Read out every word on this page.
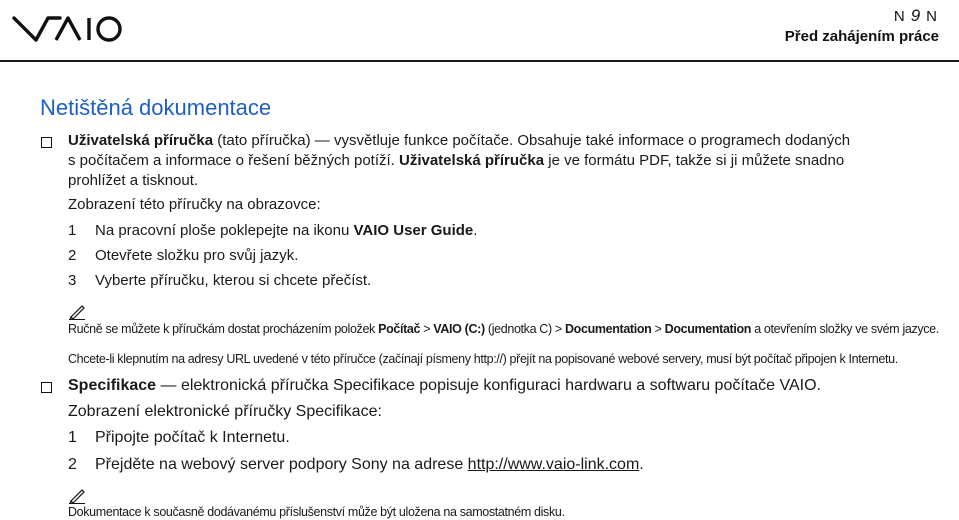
N 9 N
Před zahájením práce
Netištěná dokumentace

Uživatelská příručka (tato příručka) — vysvětluje funkce počítače. Obsahuje také informace o programech dodaných

s počítačem a informace o řešení běžných potíží. Uživatelská příručka je ve formátu PDF, takže si ji můžete snadno

prohlížet a tisknout.

Zobrazení této příručky na obrazovce:

1 Na pracovní ploše poklepejte na ikonu VAIO User Guide.

2 Otevřete složku pro svůj jazyk.

3 Vyberte příručku, kterou si chcete přečíst.

Ručně se můžete k příručkám dostat procházením položek Počítač > VAIO (C:) (jednotka C) > Documentation > Documentation a otevřením složky ve svém jazyce.
Chcete-li klepnutím na adresy URL uvedené v této příručce (začínají písmeny http://) přejít na popisované webové servery, musí být počítač připojen k Internetu.

Specifikace — elektronická příručka Specifikace popisuje konfiguraci hardwaru a softwaru počítače VAIO.

Zobrazení elektronické příručky Specifikace:

1 Připojte počítač k Internetu.

2 Přejděte na webový server podpory Sony na adrese http://www.vaio-link.com.

Dokumentace k současně dodávanému příslušenství může být uložena na samostatném disku.
